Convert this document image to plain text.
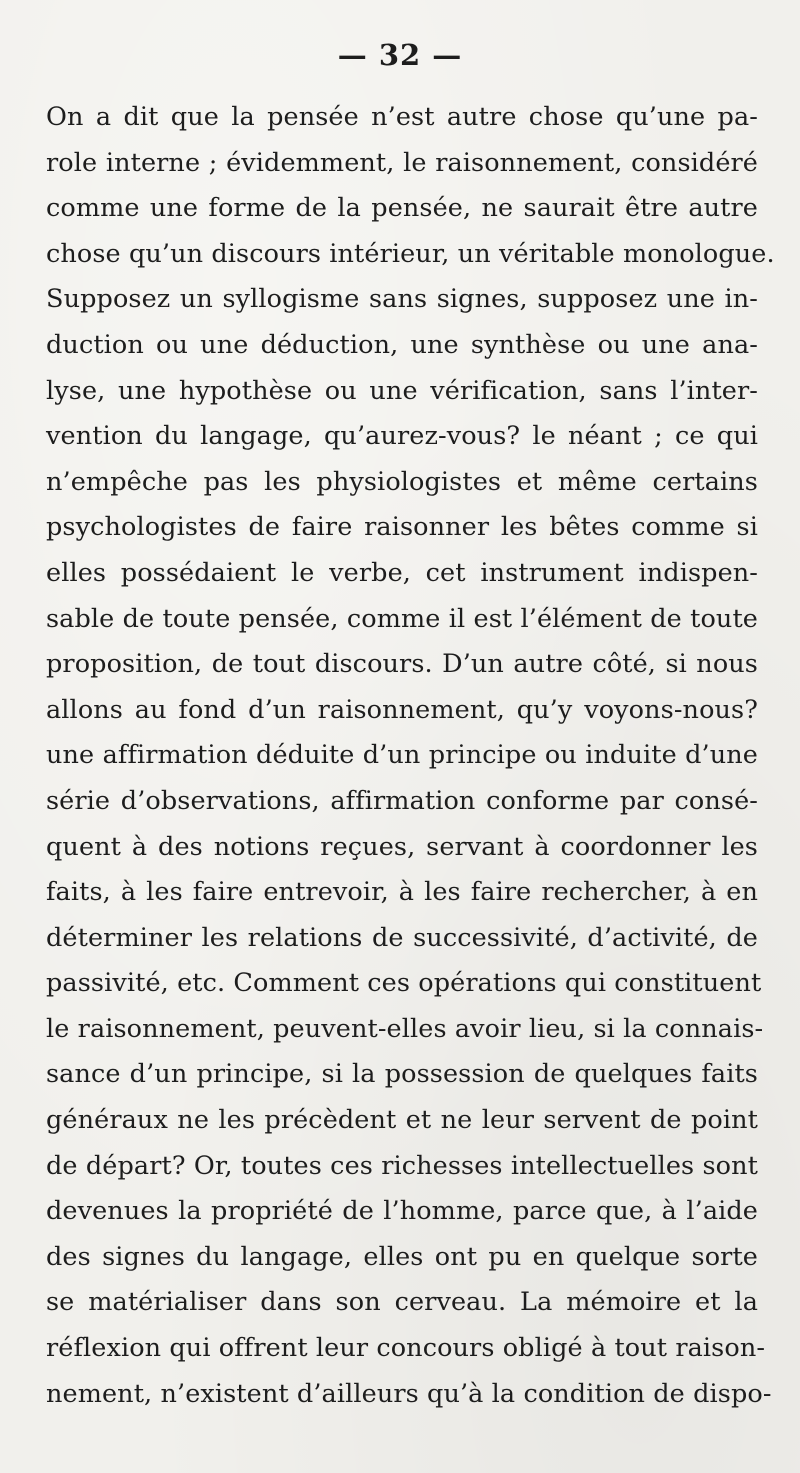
— 32 —
On a dit que la pensée n’est autre chose qu’une pa-
role interne ; évidemment, le raisonnement, considéré
comme une forme de la pensée, ne saurait être autre
chose qu’un discours intérieur, un véritable monologue.
Supposez un syllogisme sans signes, supposez une in-
duction ou une déduction, une synthèse ou une ana-
lyse, une hypothèse ou une vérification, sans l’inter-
vention du langage, qu’aurez-vous? le néant ; ce qui
n’empêche pas les physiologistes et même certains
psychologistes de faire raisonner les bêtes comme si
elles possédaient le verbe, cet instrument indispen-
sable de toute pensée, comme il est l’élément de toute
proposition, de tout discours. D’un autre côté, si nous
allons au fond d’un raisonnement, qu’y voyons-nous?
une affirmation déduite d’un principe ou induite d’une
série d’observations, affirmation conforme par consé-
quent à des notions reçues, servant à coordonner les
faits, à les faire entrevoir, à les faire rechercher, à en
déterminer les relations de successivité, d’activité, de
passivité, etc. Comment ces opérations qui constituent
le raisonnement, peuvent-elles avoir lieu, si la connais-
sance d’un principe, si la possession de quelques faits
généraux ne les précèdent et ne leur servent de point
de départ? Or, toutes ces richesses intellectuelles sont
devenues la propriété de l’homme, parce que, à l’aide
des signes du langage, elles ont pu en quelque sorte
se matérialiser dans son cerveau. La mémoire et la
réflexion qui offrent leur concours obligé à tout raison-
nement, n’existent d’ailleurs qu’à la condition de dispo-
